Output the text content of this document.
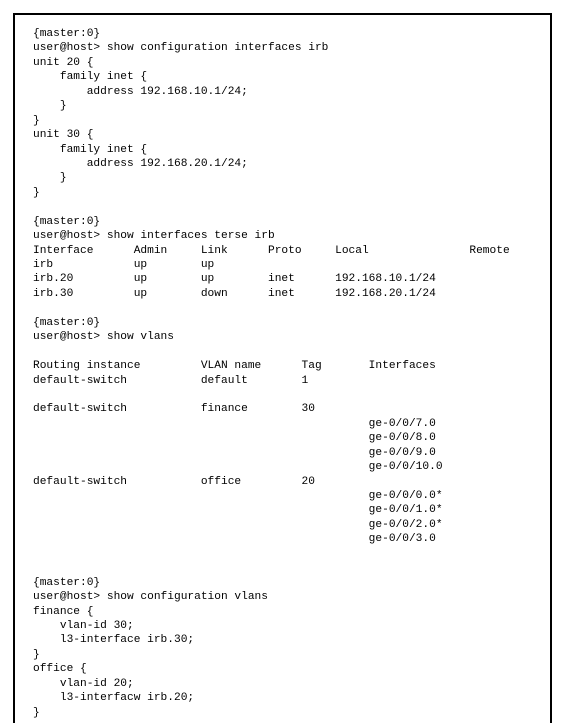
{master:0}
user@host> show configuration interfaces irb
unit 20 {
family inet {
address 192.168.10.1/24;
}
}
unit 30 {
family inet {
address 192.168.20.1/24;
}
}
{master:0}
user@host> show interfaces terse irb
Interface      Admin     Link      Proto     Local               Remote
irb            up        up
irb.20         up        up        inet      192.168.10.1/24
irb.30         up        down      inet      192.168.20.1/24
{master:0}
user@host> show vlans
Routing instance         VLAN name      Tag       Interfaces
default-switch           default        1
default-switch           finance        30
ge-0/0/7.0
ge-0/0/8.0
ge-0/0/9.0
ge-0/0/10.0
default-switch           office         20
ge-0/0/0.0*
ge-0/0/1.0*
ge-0/0/2.0*
ge-0/0/3.0
{master:0}
user@host> show configuration vlans
finance {
vlan-id 30;
l3-interface irb.30;
}
office {
vlan-id 20;
l3-interfacw irb.20;
}
